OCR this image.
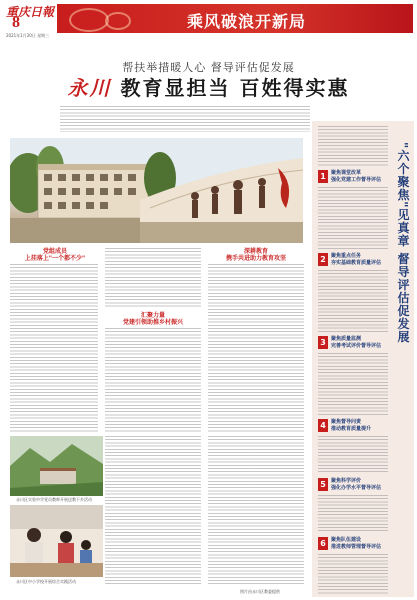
重庆日報
8
2021年1月20日 星期三
乘风破浪开新局
帮扶举措暖人心 督导评估促发展
永川 教育显担当 百姓得实惠
党组成员
上挂落上"一个都不少"
汇聚力量
党建引领助推乡村振兴
深耕教育
携手共进助力教育攻坚
永川区实验中学党员教师开展送教下乡活动
永川区中小学校开展综合实践活动
图片由永川区教委提供
"六个聚焦"见真章 督导评估促发展
1	聚焦课堂改革
强化党建工作督导评估
2	聚焦重点任务
夯实基础教育质量评估
3	聚焦质量监测
完善考试评价督导评估
4	聚焦督导问责
推动教育质量提升
5	聚焦科学评价
强化办学水平督导评估
6	聚焦队伍建设
推进教师管理督导评估
